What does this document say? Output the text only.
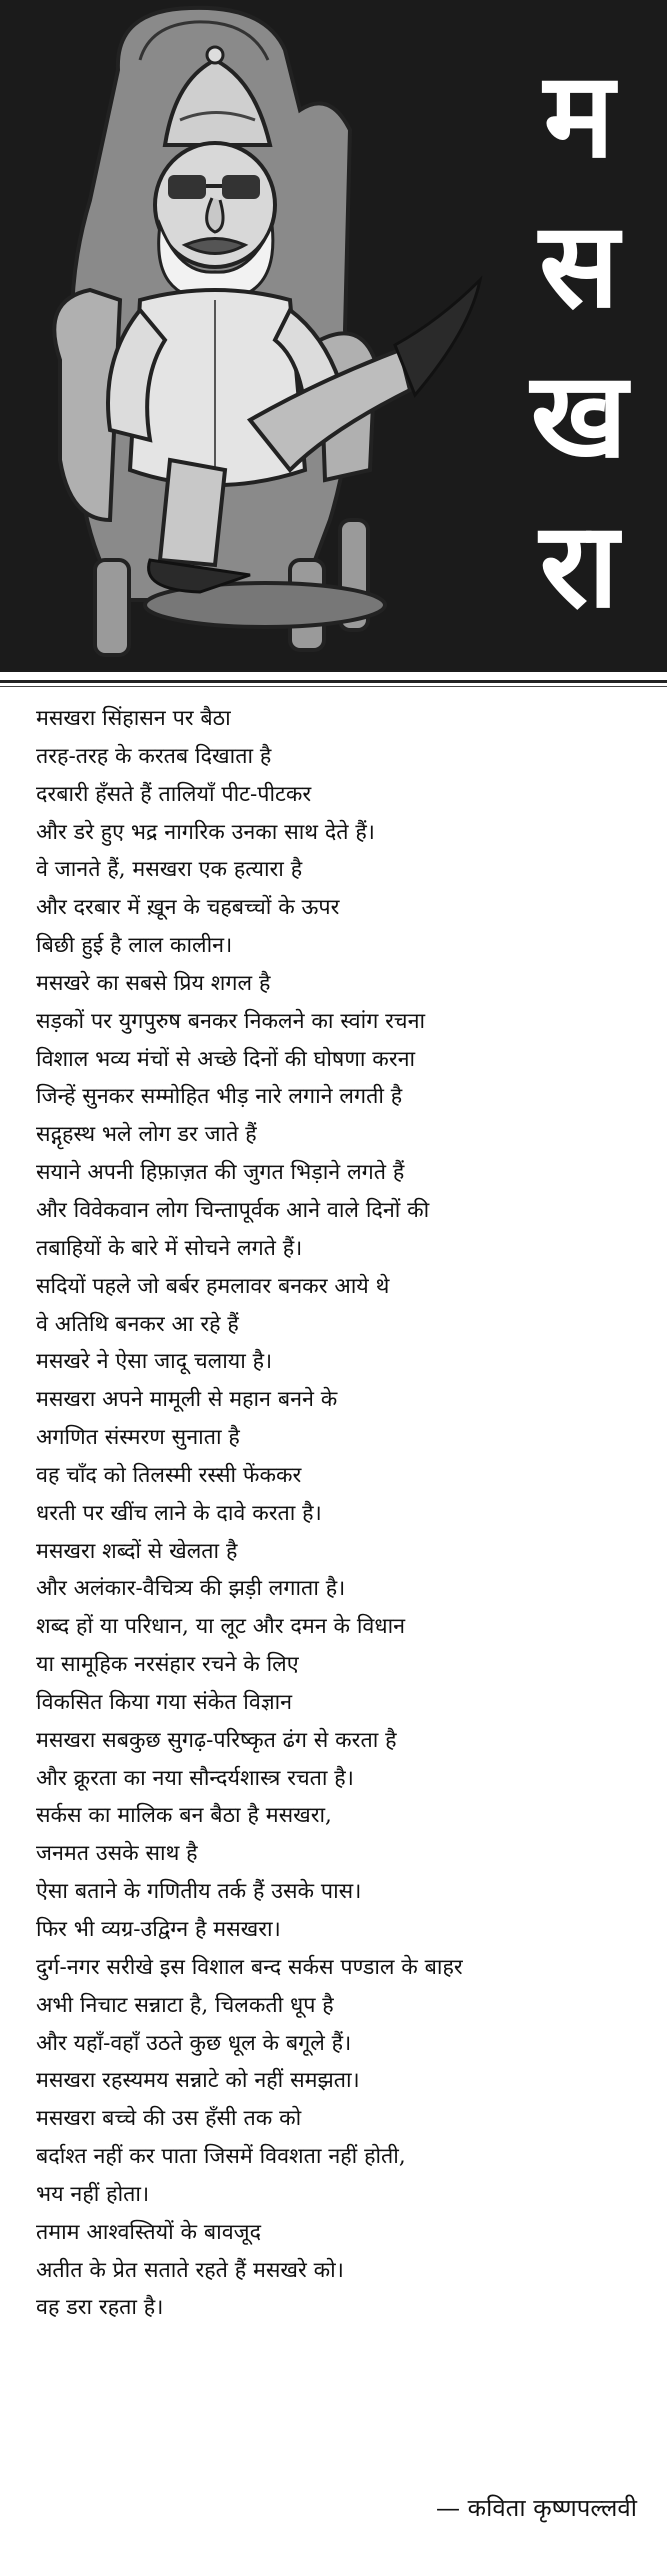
म
स
ख
रा
मसखरा सिंहासन पर बैठा
तरह-तरह के करतब दिखाता है
दरबारी हँसते हैं तालियाँ पीट-पीटकर
और डरे हुए भद्र नागरिक उनका साथ देते हैं।
वे जानते हैं, मसखरा एक हत्यारा है
और दरबार में ख़ून के चहबच्चों के ऊपर
बिछी हुई है लाल कालीन।
मसखरे का सबसे प्रिय शगल है
सड़कों पर युगपुरुष बनकर निकलने का स्वांग रचना
विशाल भव्य मंचों से अच्छे दिनों की घोषणा करना
जिन्हें सुनकर सम्मोहित भीड़ नारे लगाने लगती है
सद्गृहस्थ भले लोग डर जाते हैं
सयाने अपनी हिफ़ाज़त की जुगत भिड़ाने लगते हैं
और विवेकवान लोग चिन्तापूर्वक आने वाले दिनों की
तबाहियों के बारे में सोचने लगते हैं।
सदियों पहले जो बर्बर हमलावर बनकर आये थे
वे अतिथि बनकर आ रहे हैं
मसखरे ने ऐसा जादू चलाया है।
मसखरा अपने मामूली से महान बनने के
अगणित संस्मरण सुनाता है
वह चाँद को तिलस्मी रस्सी फेंककर
धरती पर खींच लाने के दावे करता है।
मसखरा शब्दों से खेलता है
और अलंकार-वैचित्र्य की झड़ी लगाता है।
शब्द हों या परिधान, या लूट और दमन के विधान
या सामूहिक नरसंहार रचने के लिए
विकसित किया गया संकेत विज्ञान
मसखरा सबकुछ सुगढ़-परिष्कृत ढंग से करता है
और क्रूरता का नया सौन्दर्यशास्त्र रचता है।
सर्कस का मालिक बन बैठा है मसखरा,
जनमत उसके साथ है
ऐसा बताने के गणितीय तर्क हैं उसके पास।
फिर भी व्यग्र-उद्विग्न है मसखरा।
दुर्ग-नगर सरीखे इस विशाल बन्द सर्कस पण्डाल के बाहर
अभी निचाट सन्नाटा है, चिलकती धूप है
और यहाँ-वहाँ उठते कुछ धूल के बगूले हैं।
मसखरा रहस्यमय सन्नाटे को नहीं समझता।
मसखरा बच्चे की उस हँसी तक को
बर्दाश्त नहीं कर पाता जिसमें विवशता नहीं होती,
भय नहीं होता।
तमाम आश्वस्तियों के बावजूद
अतीत के प्रेत सताते रहते हैं मसखरे को।
वह डरा रहता है।
— कविता कृष्णपल्लवी
